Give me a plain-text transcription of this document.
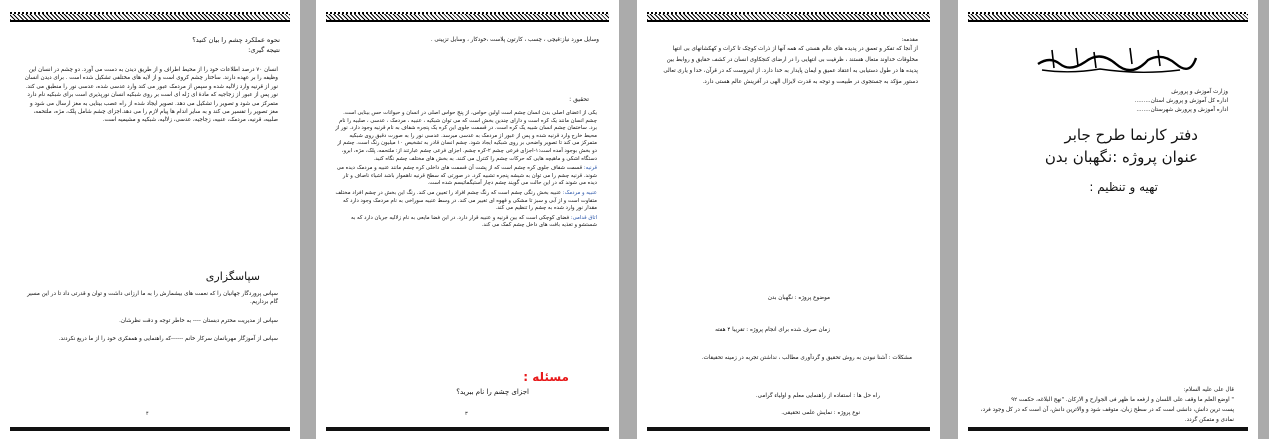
نحوه عملکرد چشم را بیان کنید؟
نتیجه گیری:
انسان ۷۰ درصد اطلاعات خود را از محیط اطراف و از طریق دیدن به دست می آورد. دو چشم در انسان این وظیفه را بر عهده دارند. ساختار چشم کروی است و از لایه های مختلفی تشکیل شده است . برای دیدن انسان نور از قرنیه وارد زلالیه شده و سپس از مردمک عبور می کند وارد عدسی شده، عدسی نور را منطبق می کند. نور پس از عبور از زجاجیه که مادۀ ای ژله ای است بر روی شبکیه انسان نورپذیری است برای شبکیه نام دارد متمرکز می شود و تصویر را تشکیل می دهد. تصویر ایجاد شده از راه عصب بینایی به مغز ارسال می شود و مغز تصویر را تفسیر می کند و به سایر اندام ها پیام لازم را می دهد.اجزای چشم شامل پلک، مژه، ملتحمه، صلبیه، قرنیه، مردمک، عنبیه، زجاجیه، عدسی، زلالیه، شبکیه و مشیمیه است.
سپاسگزاری

سپاس پروردگار جهانیان را که نعمت های بیشمارش را به ما ارزانی داشت و توان و قدرتی داد تا در این مسیر گام برداریم.

سپاس از مدیریت محترم دبستان ---- به خاطر توجه و دقت نظرشان.

سپاس از آموزگار مهربانمان سرکار خانم ------که راهنمایی و همفکری خود را از ما دریغ نکردند.

۴
وسایل مورد نیاز:قیچی ، چسب ، کارتون پلاست ،خودکار ، وسایل تزیینی .
تحقیق :

یکی از اعضای اصلی بدن انسان چشم است اولین حواس، از پنج حواس اصلی در انسان و حیوانات حس بینایی است. چشم انسان مانند یک کره است و دارای چندین بخش است که می توان شبکیه ، عنبیه ، مردمک ، عدسی ، صلبیه را نام برد. ساختمان چشم انسان شبیه یک کره است. در قسمت جلوی این کره یک پنجره شفاف به نام قرنیه وجود دارد. نور از محیط خارج وارد قرنیه شده و پس از عبور از مردمک به عدسی میرسد. عدسی نور را به صورت دقیق روی شبکیه متمرکز می کند تا تصویر واضحی بر روی شبکیه ایجاد شود. چشم انسان قادر به تشخیص ۱۰ میلیون رنگ است. چشم از دو بخش بوجود آمده است:۱-اجزای فرعی چشم ۲-کره چشم. اجزای فرعی چشم عبارتند از: ملتحمه، پلک، مژه، ابرو، دستگاه اشکی و ماهیچه هایی که حرکات چشم را کنترل می کنند. به بخش های مختلف چشم نگاه کنید.

قرنیه: قسمت شفاف جلوی کره چشم است که از پشت آن قسمت های داخلی کره چشم مانند عنبیه و مردمک دیده می شوند. قرنیه چشم را می توان به شیشه پنجره تشبیه کرد. در صورتی که سطح قرنیه ناهموار باشد اشیاء ناصاف و تار دیده می شوند که در این حالت می گویند چشم دچار آستیگماتیسم شده است.

عنبیه و مردمک: عنبیه بخش رنگی چشم است که رنگ چشم افراد را تعیین می کند. رنگ این بخش در چشم افراد مختلف متفاوت است و از آبی و سبز تا مشکی و قهوه ای تغییر می کند. در وسط عنبیه سوراخی به نام مردمک وجود دارد که مقدار نور وارد شده به چشم را تنظیم می کند.

اتاق قدامی: فضای کوچکی است که بین قرنیه و عنبیه قرار دارد. در این فضا مایعی به نام زلالیه جریان دارد که به شستشو و تغذیه بافت های داخل چشم کمک می کند.

مسئله :
اجزای چشم را نام ببرید؟
۳
مقدمه:
از آنجا که تفکر و تعمق در پدیده های عالم هستی که همه آنها از ذرات کوچک تا کرات و کهکشانهای بی انتها مخلوقات خداوند متعال هستند ، ظرفیت بی انتهایی را در ارضای کنجکاوی انسان در کشف حقایق و روابط بین پدیده ها در طول دستیابی به اعتقاد عمیق و ایمان پایدار به خدا دارد. از اینروست که در قرآن، خدا و یاری تعالی دستور مؤکد به جستجوی در طبیعت و توجه به قدرت لایزال الهی در آفرینش عالم هستی دارد.
موضوع پروژه : نگهبان بدن
زمان صرف شده برای انجام پروژه : تقریبا ۴ هفته
مشکلات : آشنا نبودن به روش تحقیق و گردآوری مطالب ، نداشتن تجربه در زمینه تحقیقات.
راه حل ها : استفاده از راهنمایی معلم و اولیاء گرامی.
نوع پروژه : نمایش علمی تحقیقی.
بسم الله الرحمن الرحیم
وزارت آموزش و پرورش
اداره کل آموزش و پرورش استان.........
اداره آموزش و پرورش شهرستان........
دفتر کارنما طرح جابر
عنوان پروژه :نگهبان بدن
تهیه و تنظیم :
قال علی علیه السلام:
" اوضع العلم ما وقف علی اللسان و ارفعه ما ظهر فی الجوارح و الارکان. "نهج البلاغه، حکمت ۹۲
پست ترین دانش، دانشی است که در سطح زبان، متوقف شود و والاترین دانش، آن است که در کل وجود فرد، نمادی و متمکن گردد.
